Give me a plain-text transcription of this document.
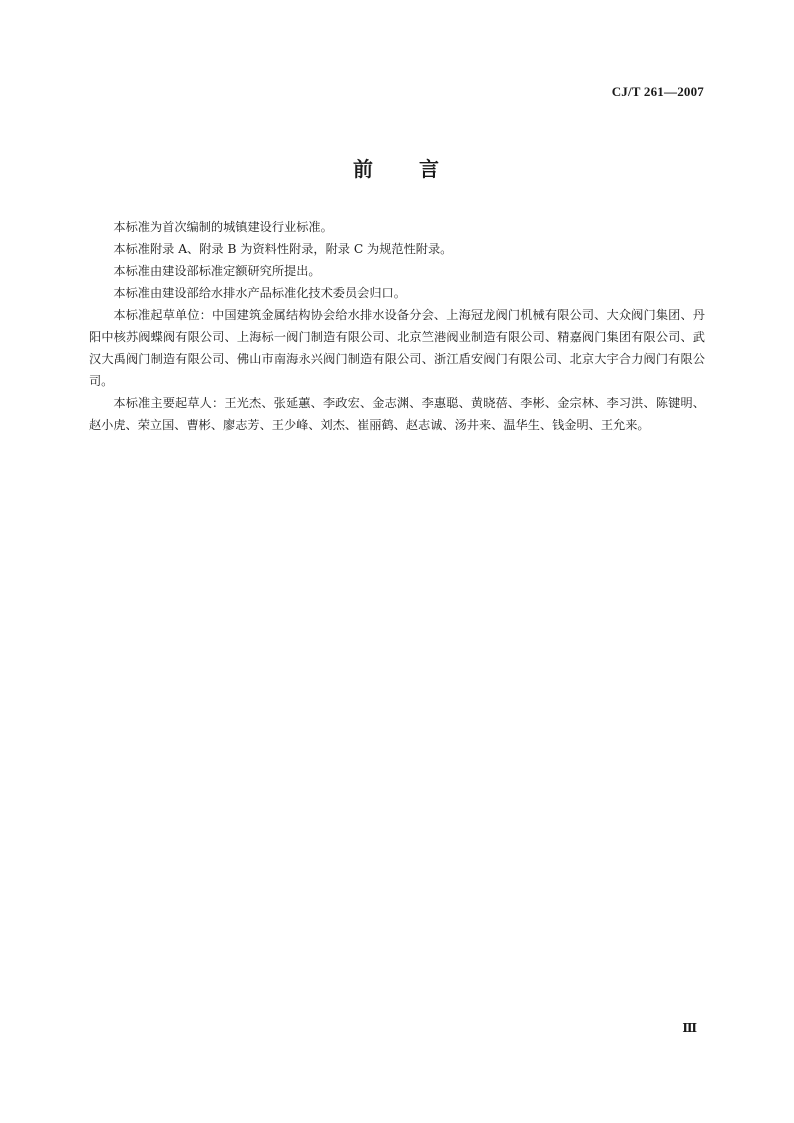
CJ/T 261—2007
前 言

本标准为首次编制的城镇建设行业标准。

本标准附录 A、附录 B 为资料性附录，附录 C 为规范性附录。

本标准由建设部标准定额研究所提出。

本标准由建设部给水排水产品标准化技术委员会归口。

本标准起草单位：中国建筑金属结构协会给水排水设备分会、上海冠龙阀门机械有限公司、大众阀门集团、丹阳中核苏阀蝶阀有限公司、上海标一阀门制造有限公司、北京竺港阀业制造有限公司、精嘉阀门集团有限公司、武汉大禹阀门制造有限公司、佛山市南海永兴阀门制造有限公司、浙江盾安阀门有限公司、北京大宇合力阀门有限公司。

本标准主要起草人：王光杰、张延蕙、李政宏、金志渊、李惠聪、黄晓蓓、李彬、金宗林、李习洪、陈键明、赵小虎、荣立国、曹彬、廖志芳、王少峰、刘杰、崔丽鹤、赵志诚、汤井来、温华生、钱金明、王允来。

Ⅲ
